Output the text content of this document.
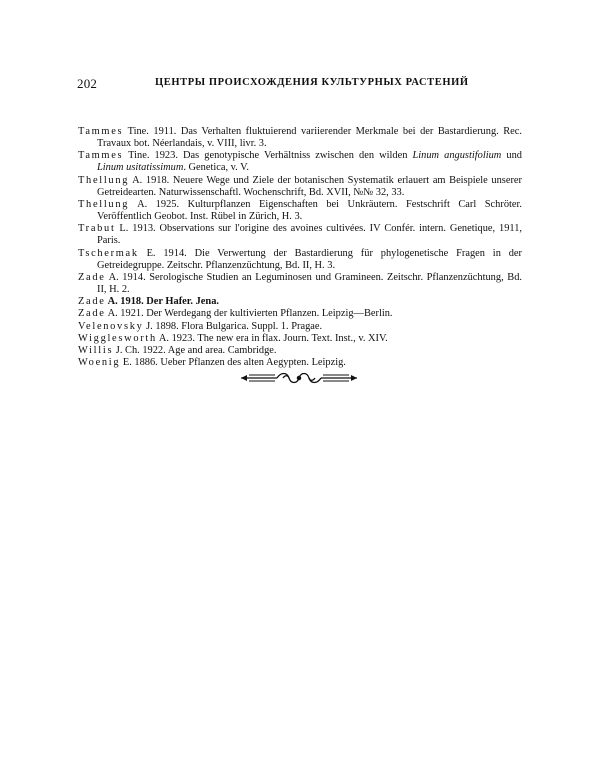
202	ЦЕНТРЫ ПРОИСХОЖДЕНИЯ КУЛЬТУРНЫХ РАСТЕНИЙ
Tammes Tine. 1911. Das Verhalten fluktuierend variierender Merkmale bei der Bastardierung. Rec. Travaux bot. Néerlandais, v. VIII, livr. 3.
Tammes Tine. 1923. Das genotypische Verhältniss zwischen den wilden Linum angustifolium und Linum usitatissimum. Genetica, v. V.
Thellung A. 1918. Neuere Wege und Ziele der botanischen Systematik erlauert am Beispiele unserer Getreidearten. Naturwissenschaftl. Wochenschrift, Bd. XVII, №№ 32, 33.
Thellung A. 1925. Kulturpflanzen Eigenschaften bei Unkräutern. Festschrift Carl Schröter. Veröffentlich Geobot. Inst. Rübel in Zürich, H. 3.
Trabut L. 1913. Observations sur l'origine des avoines cultivées. IV Confér. intern. Genetique, 1911, Paris.
Tschermak E. 1914. Die Verwertung der Bastardierung für phylogenetische Fragen in der Getreidegruppe. Zeitschr. Pflanzenzüchtung, Bd. II, H. 3.
Zade A. 1914. Serologische Studien an Leguminosen und Gramineen. Zeitschr. Pflanzenzüchtung, Bd. II, H. 2.
Zade A. 1918. Der Hafer. Jena.
Zade A. 1921. Der Werdegang der kultivierten Pflanzen. Leipzig—Berlin.
Velenovsky J. 1898. Flora Bulgarica. Suppl. 1. Pragae.
Wigglesworth A. 1923. The new era in flax. Journ. Text. Inst., v. XIV.
Willis J. Ch. 1922. Age and area. Cambridge.
Woenig E. 1886. Ueber Pflanzen des alten Aegypten. Leipzig.
